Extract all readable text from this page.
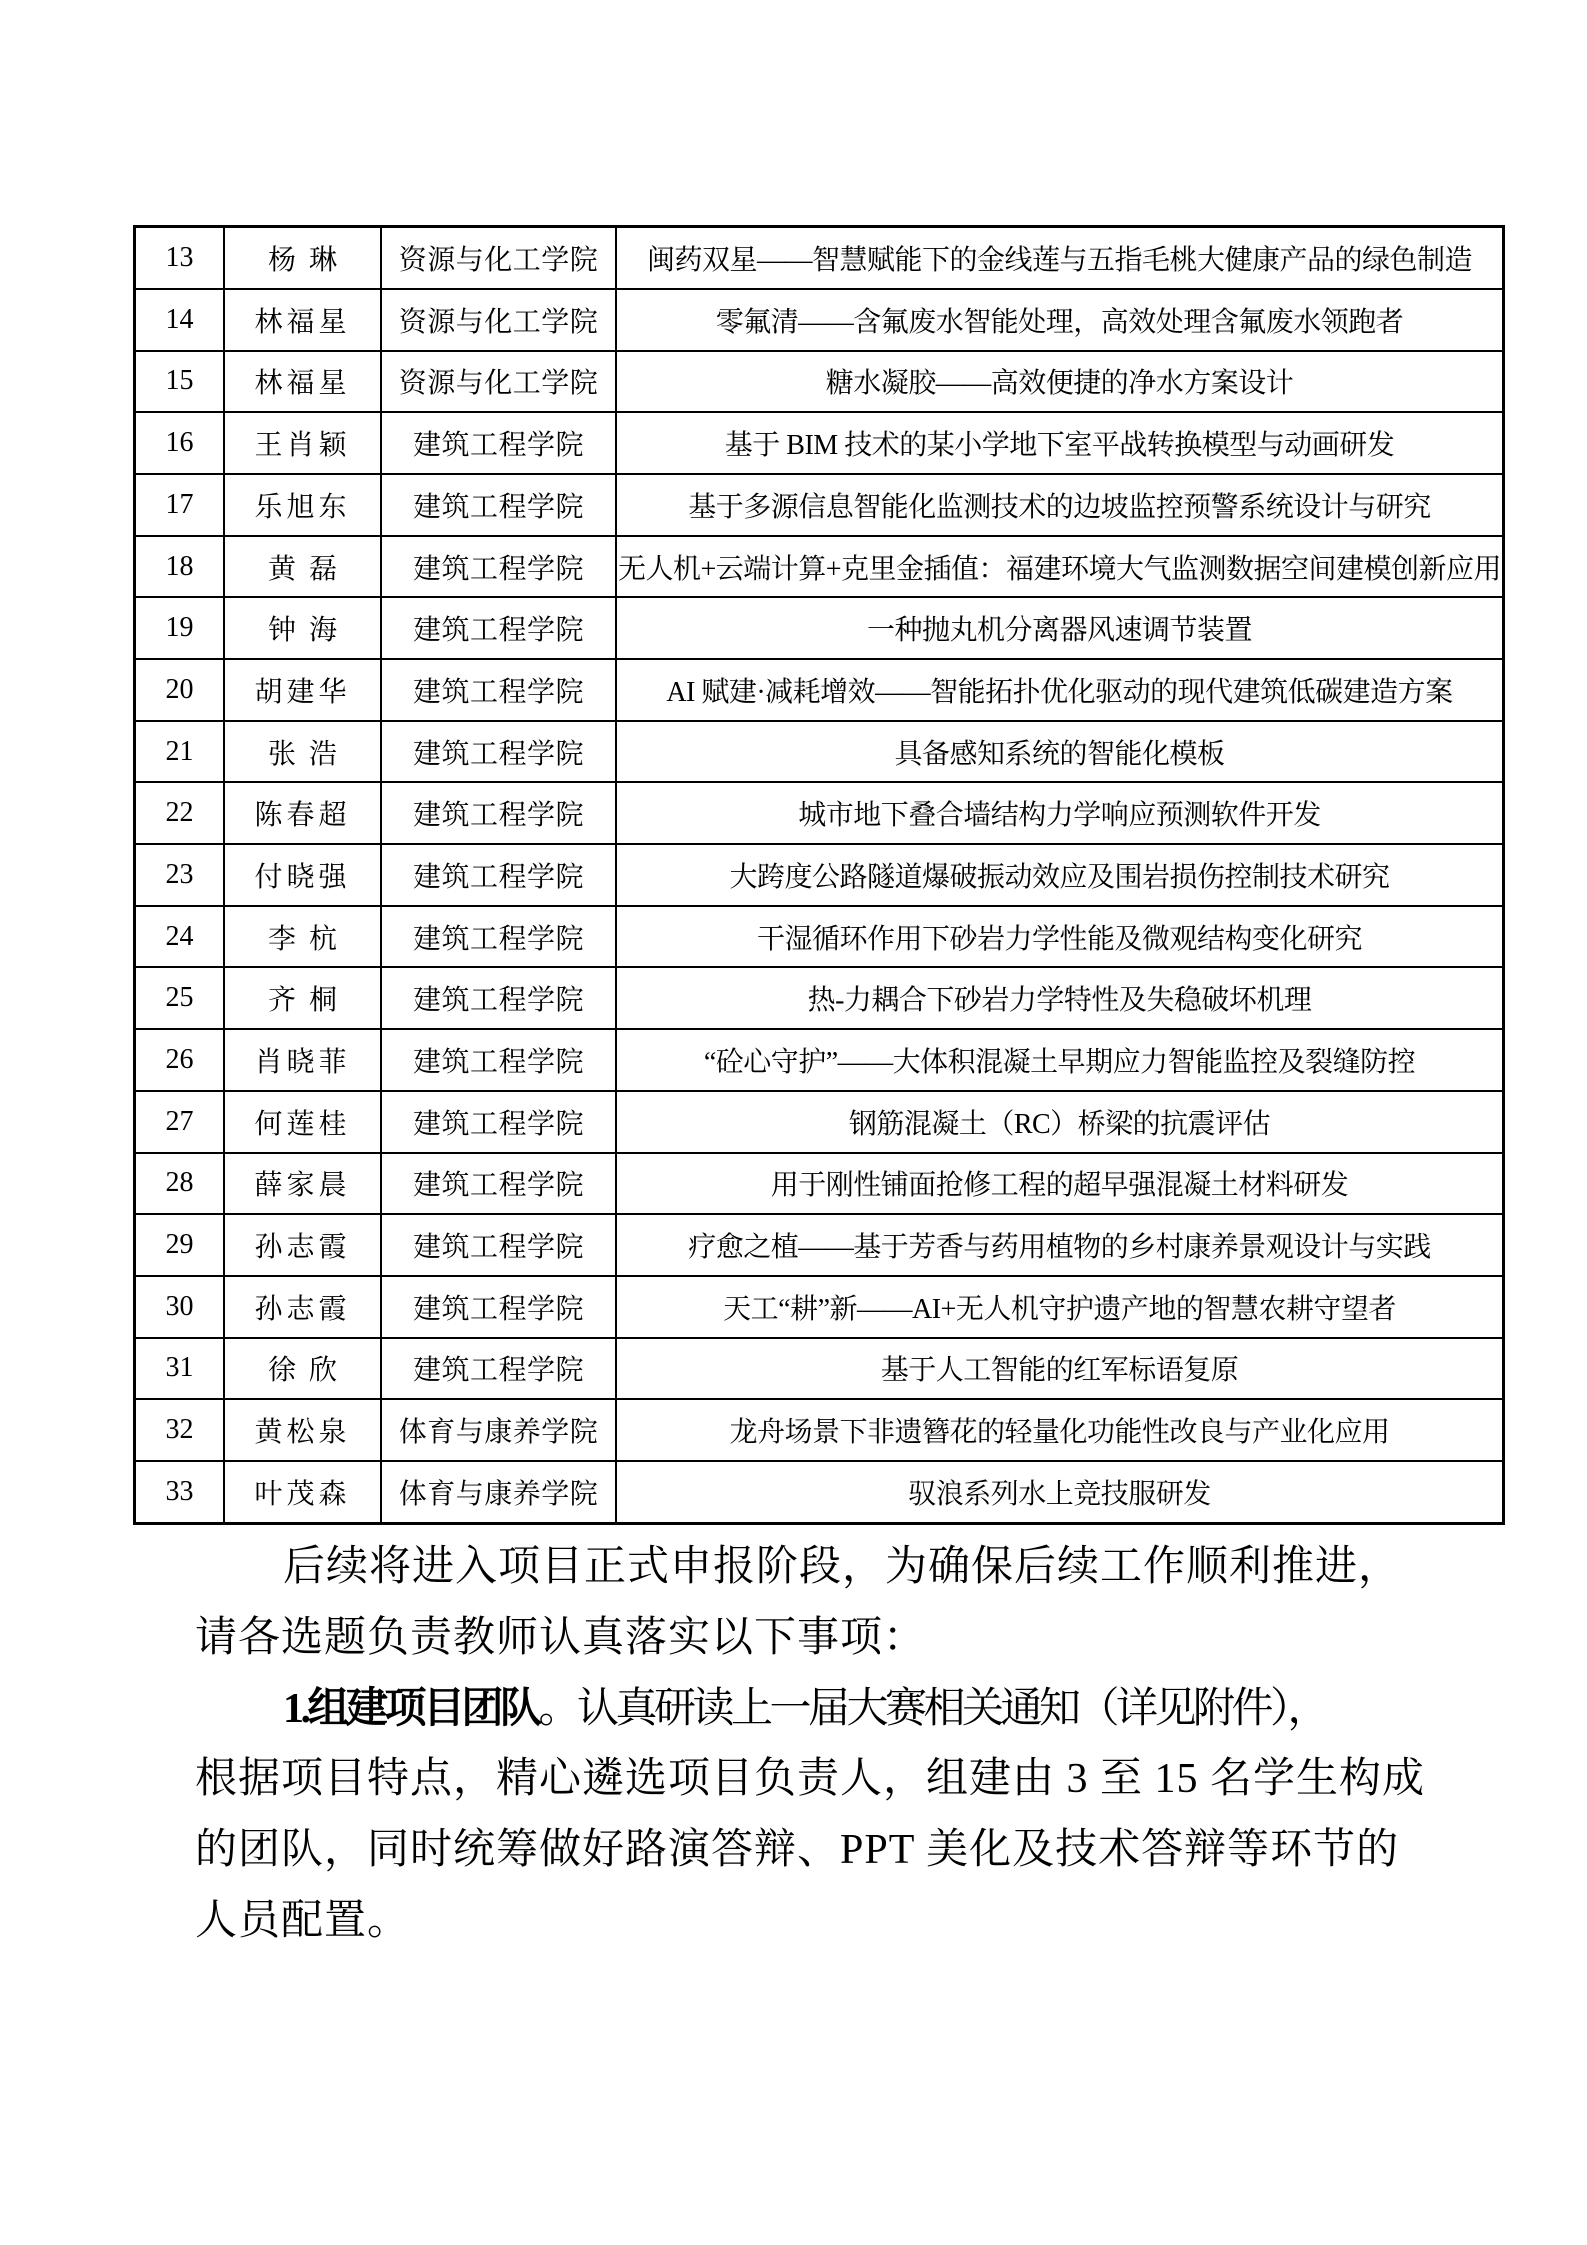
13	杨琳	资源与化工学院	闽药双星——智慧赋能下的金线莲与五指毛桃大健康产品的绿色制造
14	林福星	资源与化工学院	零氟清——含氟废水智能处理，高效处理含氟废水领跑者
15	林福星	资源与化工学院	糖水凝胶——高效便捷的净水方案设计
16	王肖颖	建筑工程学院	基于 BIM 技术的某小学地下室平战转换模型与动画研发
17	乐旭东	建筑工程学院	基于多源信息智能化监测技术的边坡监控预警系统设计与研究
18	黄磊	建筑工程学院	无人机+云端计算+克里金插值：福建环境大气监测数据空间建模创新应用
19	钟海	建筑工程学院	一种抛丸机分离器风速调节装置
20	胡建华	建筑工程学院	AI 赋建·减耗增效——智能拓扑优化驱动的现代建筑低碳建造方案
21	张浩	建筑工程学院	具备感知系统的智能化模板
22	陈春超	建筑工程学院	城市地下叠合墙结构力学响应预测软件开发
23	付晓强	建筑工程学院	大跨度公路隧道爆破振动效应及围岩损伤控制技术研究
24	李杭	建筑工程学院	干湿循环作用下砂岩力学性能及微观结构变化研究
25	齐桐	建筑工程学院	热-力耦合下砂岩力学特性及失稳破坏机理
26	肖晓菲	建筑工程学院	“砼心守护”——大体积混凝土早期应力智能监控及裂缝防控
27	何莲桂	建筑工程学院	钢筋混凝土（RC）桥梁的抗震评估
28	薛家晨	建筑工程学院	用于刚性铺面抢修工程的超早强混凝土材料研发
29	孙志霞	建筑工程学院	疗愈之植——基于芳香与药用植物的乡村康养景观设计与实践
30	孙志霞	建筑工程学院	天工“耕”新——AI+无人机守护遗产地的智慧农耕守望者
31	徐欣	建筑工程学院	基于人工智能的红军标语复原
32	黄松泉	体育与康养学院	龙舟场景下非遗簪花的轻量化功能性改良与产业化应用
33	叶茂森	体育与康养学院	驭浪系列水上竞技服研发
后续将进入项目正式申报阶段，为确保后续工作顺利推进，
请各选题负责教师认真落实以下事项：
1.组建项目团队。认真研读上一届大赛相关通知（详见附件），
根据项目特点，精心遴选项目负责人，组建由 3 至 15 名学生构成
的团队，同时统筹做好路演答辩、PPT 美化及技术答辩等环节的
人员配置。
